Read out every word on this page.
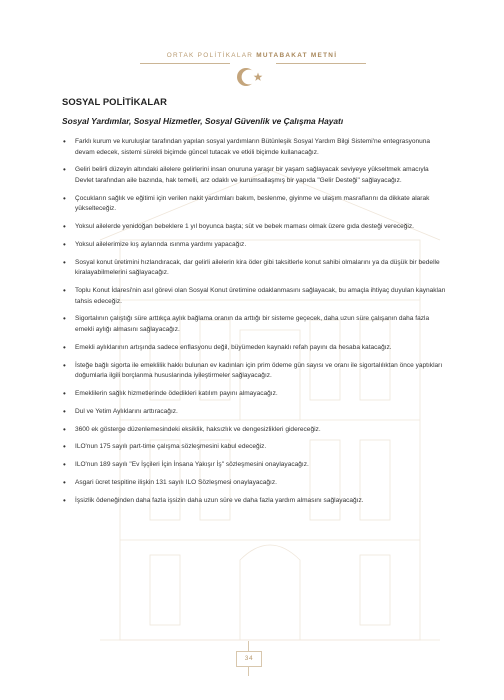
ORTAK POLİTİKALAR MUTABAKAT METNİ
SOSYAL POLİTİKALAR
Sosyal Yardımlar, Sosyal Hizmetler, Sosyal Güvenlik ve Çalışma Hayatı
• Farklı kurum ve kuruluşlar tarafından yapılan sosyal yardımların Bütünleşik Sosyal Yardım Bilgi Sistemi'ne entegrasyonuna devam edecek, sistemi sürekli biçimde güncel tutacak ve etkili biçimde kullanacağız.
• Geliri belirli düzeyin altındaki ailelere gelirlerini insan onuruna yaraşır bir yaşam sağlayacak seviyeye yükseltmek amacıyla Devlet tarafından aile bazında, hak temelli, arz odaklı ve kurumsallaşmış bir yapıda "Gelir Desteği" sağlayacağız.
• Çocukların sağlık ve eğitimi için verilen nakit yardımları bakım, beslenme, giyinme ve ulaşım masraflarını da dikkate alarak yükselteceğiz.
• Yoksul ailelerde yenidoğan bebeklere 1 yıl boyunca başta; süt ve bebek maması olmak üzere gıda desteği vereceğiz.
• Yoksul ailelerimize kış aylarında ısınma yardımı yapacağız.
• Sosyal konut üretimini hızlandıracak, dar gelirli ailelerin kira öder gibi taksitlerle konut sahibi olmalarını ya da düşük bir bedelle kiralayabilmelerini sağlayacağız.
• Toplu Konut İdaresi'nin asıl görevi olan Sosyal Konut üretimine odaklanmasını sağlayacak, bu amaçla ihtiyaç duyulan kaynakları tahsis edeceğiz.
• Sigortalının çalıştığı süre arttıkça aylık bağlama oranın da arttığı bir sisteme geçecek, daha uzun süre çalışanın daha fazla emekli aylığı almasını sağlayacağız.
• Emekli aylıklarının artışında sadece enflasyonu değil, büyümeden kaynaklı refah payını da hesaba katacağız.
• İsteğe bağlı sigorta ile emeklilik hakkı bulunan ev kadınları için prim ödeme gün sayısı ve oranı ile sigortalılıktan önce yaptıkları doğumlarla ilgili borçlanma hususlarında iyileştirmeler sağlayacağız.
• Emeklilerin sağlık hizmetlerinde ödedikleri katılım payını almayacağız.
• Dul ve Yetim Aylıklarını arttıracağız.
• 3600 ek gösterge düzenlemesindeki eksiklik, haksızlık ve dengesizlikleri gidereceğiz.
• ILO'nun 175 sayılı part-time çalışma sözleşmesini kabul edeceğiz.
• ILO'nun 189 sayılı "Ev İşçileri İçin İnsana Yakışır İş" sözleşmesini onaylayacağız.
• Asgari ücret tespitine ilişkin 131 sayılı ILO Sözleşmesi onaylayacağız.
• İşsizlik ödeneğinden daha fazla işsizin daha uzun süre ve daha fazla yardım almasını sağlayacağız.
34
